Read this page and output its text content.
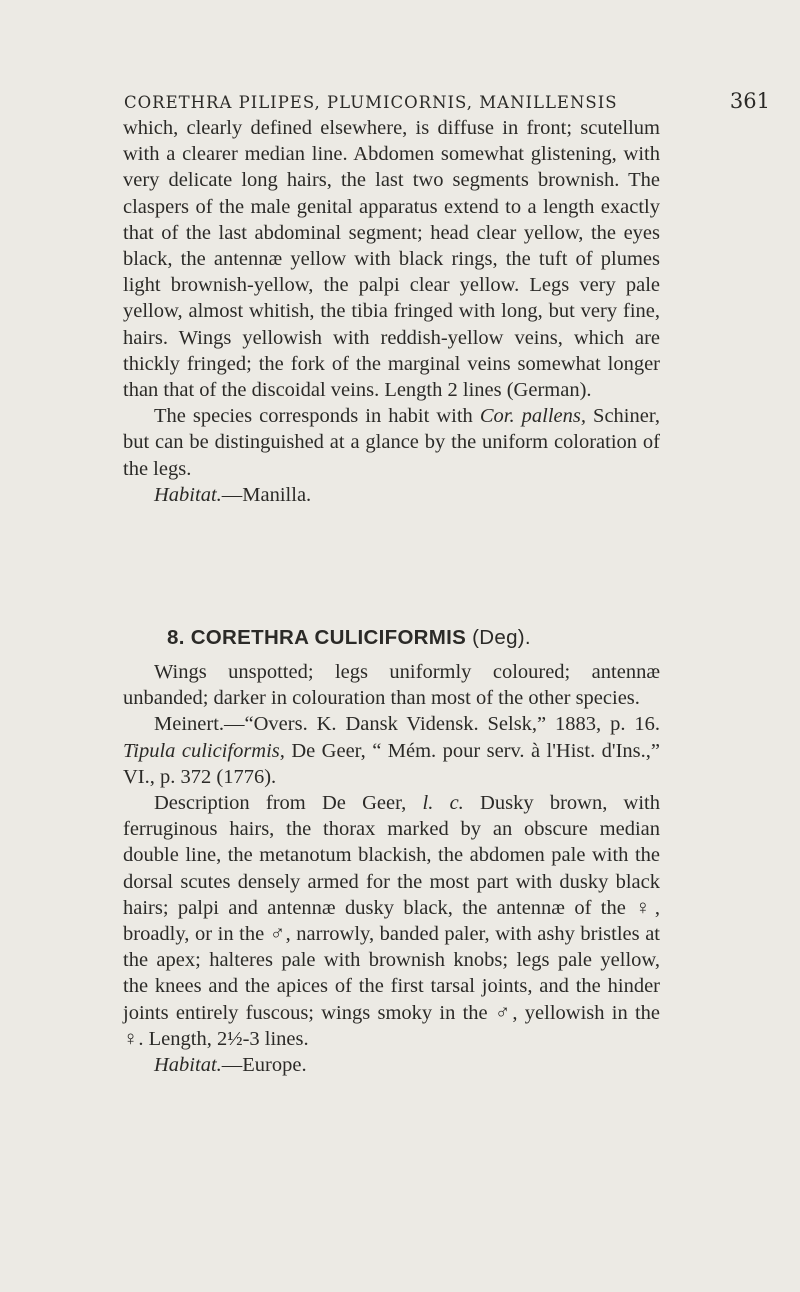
CORETHRA PILIPES, PLUMICORNIS, MANILLENSIS	361

which, clearly defined elsewhere, is diffuse in front; scutellum with a clearer median line. Abdomen somewhat glistening, with very delicate long hairs, the last two segments brownish. The claspers of the male genital apparatus extend to a length exactly that of the last abdominal segment; head clear yellow, the eyes black, the antennæ yellow with black rings, the tuft of plumes light brownish-yellow, the palpi clear yellow. Legs very pale yellow, almost whitish, the tibia fringed with long, but very fine, hairs. Wings yellowish with reddish-yellow veins, which are thickly fringed; the fork of the marginal veins somewhat longer than that of the discoidal veins. Length 2 lines (German).

The species corresponds in habit with Cor. pallens, Schiner, but can be distinguished at a glance by the uniform coloration of the legs.

Habitat.—Manilla.

8. CORETHRA CULICIFORMIS (Deg).

Wings unspotted; legs uniformly coloured; antennæ unbanded; darker in colouration than most of the other species.

Meinert.—“Overs. K. Dansk Vidensk. Selsk,” 1883, p. 16. Tipula culiciformis, De Geer, “ Mém. pour serv. à l'Hist. d'Ins.,” VI., p. 372 (1776).

Description from De Geer, l. c. Dusky brown, with ferruginous hairs, the thorax marked by an obscure median double line, the metanotum blackish, the abdomen pale with the dorsal scutes densely armed for the most part with dusky black hairs; palpi and antennæ dusky black, the antennæ of the ♀, broadly, or in the ♂, narrowly, banded paler, with ashy bristles at the apex; halteres pale with brownish knobs; legs pale yellow, the knees and the apices of the first tarsal joints, and the hinder joints entirely fuscous; wings smoky in the ♂, yellowish in the ♀. Length, 2½-3 lines.

Habitat.—Europe.
